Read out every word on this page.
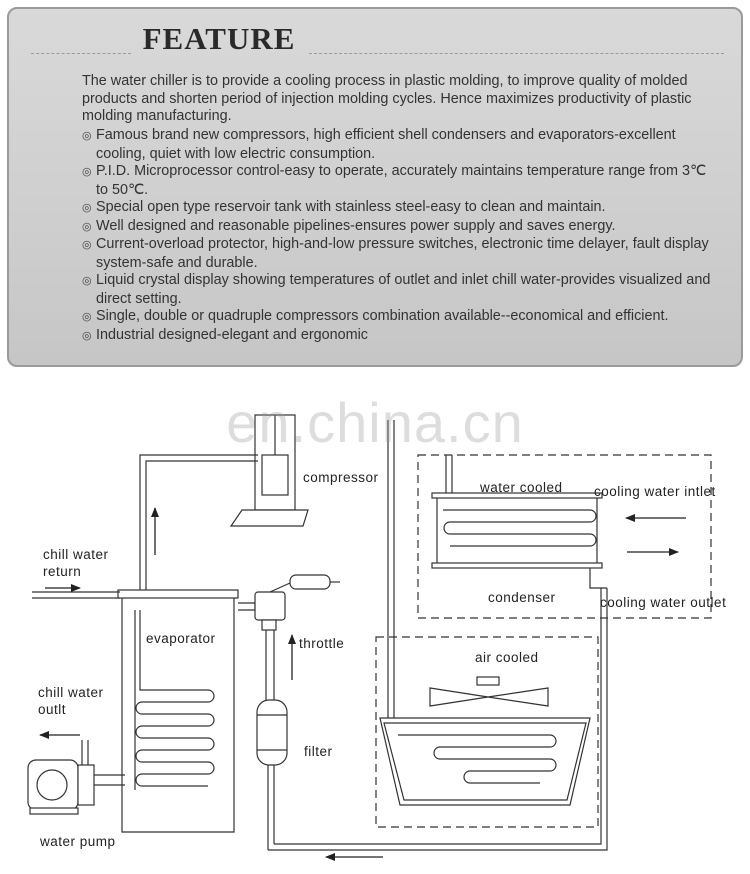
FEATURE
The water chiller is to provide a cooling process in plastic molding, to improve quality of molded products and shorten period of injection molding cycles. Hence maximizes productivity of plastic molding manufacturing.
◎ Famous brand new compressors, high efficient shell condensers and evaporators-excellent cooling, quiet with low electric consumption.
◎ P.I.D. Microprocessor control-easy to operate, accurately maintains temperature range from 3℃ to 50℃.
◎ Special open type reservoir tank with stainless steel-easy to clean and maintain.
◎ Well designed and reasonable pipelines-ensures power supply and saves energy.
◎ Current-overload protector, high-and-low pressure switches, electronic time delayer, fault display system-safe and durable.
◎ Liquid crystal display showing temperatures of outlet and inlet chill water-provides visualized and direct setting.
◎ Single, double or quadruple compressors combination available--economical and efficient.
◎ Industrial designed-elegant and ergonomic
en.china.cn
compressor
chill water
return
evaporator	throttle
chill water
outlt
filter
water pump
water cooled cooling water intlet
condenser	cooling water outlet
air cooled
